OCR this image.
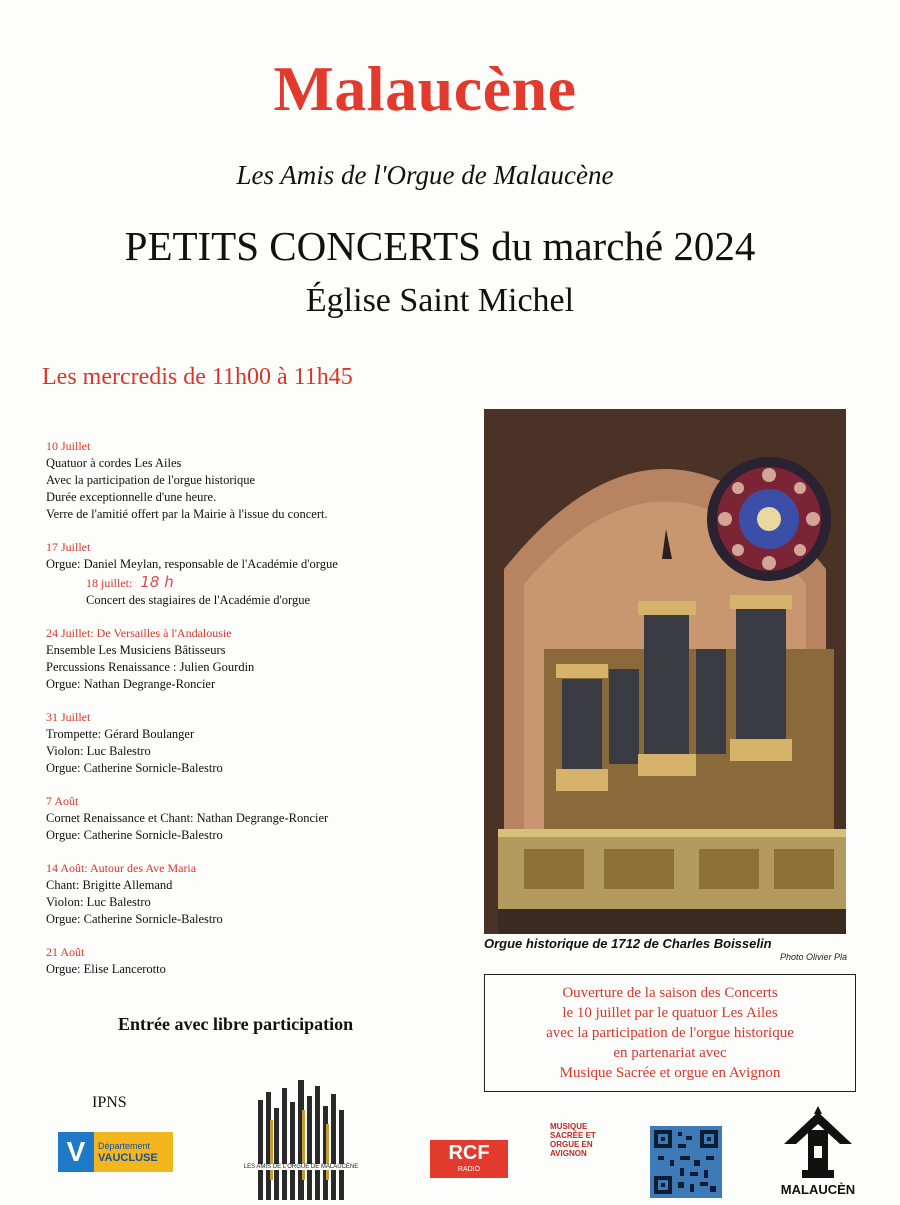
Malaucène
Les Amis de l'Orgue de Malaucène
PETITS CONCERTS du marché 2024
Église Saint Michel
Les mercredis de 11h00 à 11h45
10 Juillet
Quatuor à cordes Les Ailes
Avec la participation de l'orgue historique
Durée exceptionnelle d'une heure.
Verre de l'amitié offert par la Mairie à l'issue du concert.
17 Juillet
Orgue: Daniel Meylan, responsable de l'Académie d'orgue
18 juillet: 18 h
Concert des stagiaires de l'Académie d'orgue
24 Juillet: De Versailles à l'Andalousie
Ensemble Les Musiciens Bâtisseurs
Percussions Renaissance : Julien Gourdin
Orgue: Nathan Degrange-Roncier
31 Juillet
Trompette: Gérard Boulanger
Violon: Luc Balestro
Orgue: Catherine Sornicle-Balestro
7 Août
Cornet Renaissance et Chant: Nathan Degrange-Roncier
Orgue: Catherine Sornicle-Balestro
14 Août: Autour des Ave Maria
Chant: Brigitte Allemand
Violon: Luc Balestro
Orgue: Catherine Sornicle-Balestro
21 Août
Orgue: Elise Lancerotto
Entrée avec libre participation
Orgue historique de 1712 de Charles Boisselin
Photo Olivier Pla
Ouverture de la saison des Concerts
le 10 juillet par le quatuor Les Ailes
avec la participation de l'orgue historique
en partenariat avec
Musique Sacrée et orgue en Avignon
IPNS
V	Département
VAUCLUSE
LES AMIS DE L'ORGUE DE MALAUCÈNE
RCF
RADIO
MUSIQUE SACRÉE ET ORGUE EN AVIGNON
MALAUCÈN
